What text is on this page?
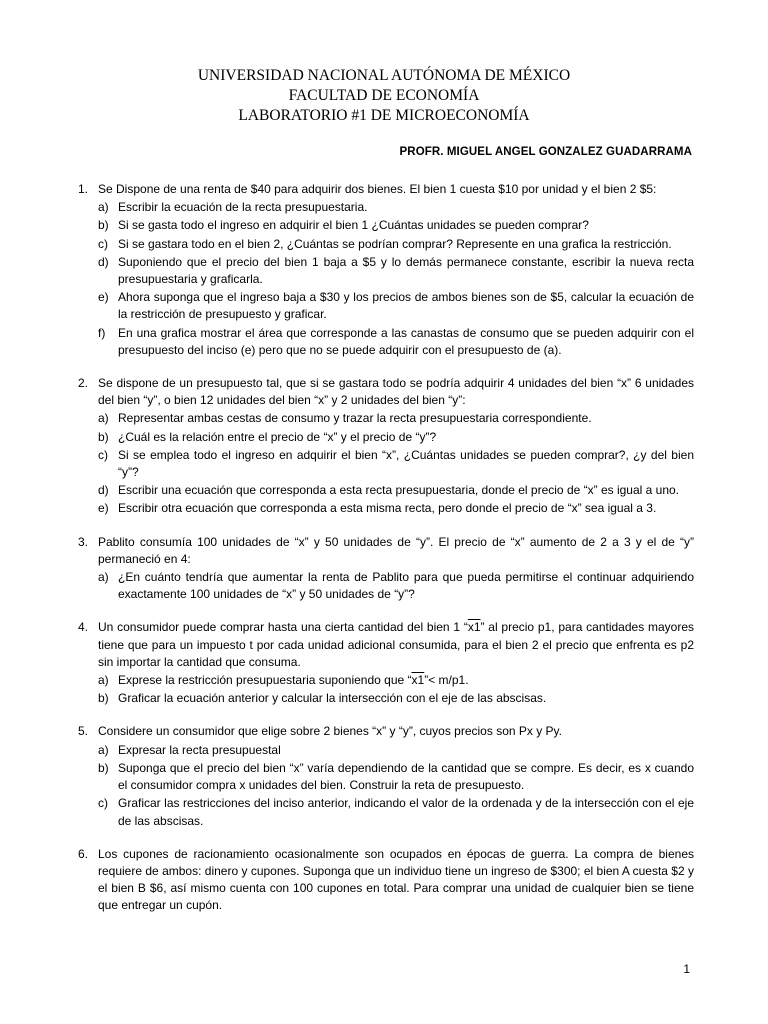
UNIVERSIDAD NACIONAL AUTÓNOMA DE MÉXICO
FACULTAD DE ECONOMÍA
LABORATORIO #1 DE MICROECONOMÍA
PROFR. MIGUEL ANGEL GONZALEZ GUADARRAMA
1. Se Dispone de una renta de $40 para adquirir dos bienes. El bien 1 cuesta $10 por unidad y el bien 2 $5:
a) Escribir la ecuación de la recta presupuestaria.
b) Si se gasta todo el ingreso en adquirir el bien 1 ¿Cuántas unidades se pueden comprar?
c) Si se gastara todo en el bien 2, ¿Cuántas se podrían comprar? Represente en una grafica la restricción.
d) Suponiendo que el precio del bien 1 baja a $5 y lo demás permanece constante, escribir la nueva recta presupuestaria y graficarla.
e) Ahora suponga que el ingreso baja a $30 y los precios de ambos bienes son de $5, calcular la ecuación de la restricción de presupuesto y graficar.
f) En una grafica mostrar el área que corresponde a las canastas de consumo que se pueden adquirir con el presupuesto del inciso (e) pero que no se puede adquirir con el presupuesto de (a).
2. Se dispone de un presupuesto tal, que si se gastara todo se podría adquirir 4 unidades del bien “x” 6 unidades del bien “y”, o bien 12 unidades del bien “x” y 2 unidades del bien “y”:
a) Representar ambas cestas de consumo y trazar la recta presupuestaria correspondiente.
b) ¿Cuál es la relación entre el precio de “x” y el precio de “y”?
c) Si se emplea todo el ingreso en adquirir el bien “x”, ¿Cuántas unidades se pueden comprar?, ¿y del bien “y”?
d) Escribir una ecuación que corresponda a esta recta presupuestaria, donde el precio de “x” es igual a uno.
e) Escribir otra ecuación que corresponda a esta misma recta, pero donde el precio de “x” sea igual a 3.
3. Pablito consumía 100 unidades de “x” y 50 unidades de “y”. El precio de “x” aumento de 2 a 3 y el de “y” permaneció en 4:
a) ¿En cuánto tendría que aumentar la renta de Pablito para que pueda permitirse el continuar adquiriendo exactamente 100 unidades de “x” y 50 unidades de “y”?
4. Un consumidor puede comprar hasta una cierta cantidad del bien 1 “x1” al precio p1, para cantidades mayores tiene que para un impuesto t por cada unidad adicional consumida, para el bien 2 el precio que enfrenta es p2 sin importar la cantidad que consuma.
a) Exprese la restricción presupuestaria suponiendo que “x1”< m/p1.
b) Graficar la ecuación anterior y calcular la intersección con el eje de las abscisas.
5. Considere un consumidor que elige sobre 2 bienes “x” y “y”, cuyos precios son Px y Py.
a) Expresar la recta presupuestal
b) Suponga que el precio del bien “x” varía dependiendo de la cantidad que se compre. Es decir, es x cuando el consumidor compra x unidades del bien. Construir la reta de presupuesto.
c) Graficar las restricciones del inciso anterior, indicando el valor de la ordenada y de la intersección con el eje de las abscisas.
6. Los cupones de racionamiento ocasionalmente son ocupados en épocas de guerra. La compra de bienes requiere de ambos: dinero y cupones. Suponga que un individuo tiene un ingreso de $300; el bien A cuesta $2 y el bien B $6, así mismo cuenta con 100 cupones en total. Para comprar una unidad de cualquier bien se tiene que entregar un cupón.
1
